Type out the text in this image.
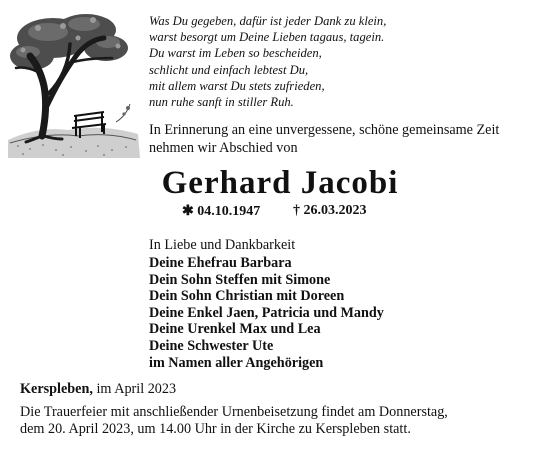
Was Du gegeben, dafür ist jeder Dank zu klein,
warst besorgt um Deine Lieben tagaus, tagein.
Du warst im Leben so bescheiden,
schlicht und einfach lebtest Du,
mit allem warst Du stets zufrieden,
nun ruhe sanft in stiller Ruh.
In Erinnerung an eine unvergessene, schöne gemeinsame Zeit
nehmen wir Abschied von
Gerhard Jacobi
✱ 04.10.1947 † 26.03.2023
In Liebe und Dankbarkeit
Deine Ehefrau Barbara
Dein Sohn Steffen mit Simone
Dein Sohn Christian mit Doreen
Deine Enkel Jaen, Patricia und Mandy
Deine Urenkel Max und Lea
Deine Schwester Ute
im Namen aller Angehörigen
Kerspleben, im April 2023
Die Trauerfeier mit anschließender Urnenbeisetzung findet am Donnerstag,
dem 20. April 2023, um 14.00 Uhr in der Kirche zu Kerspleben statt.
